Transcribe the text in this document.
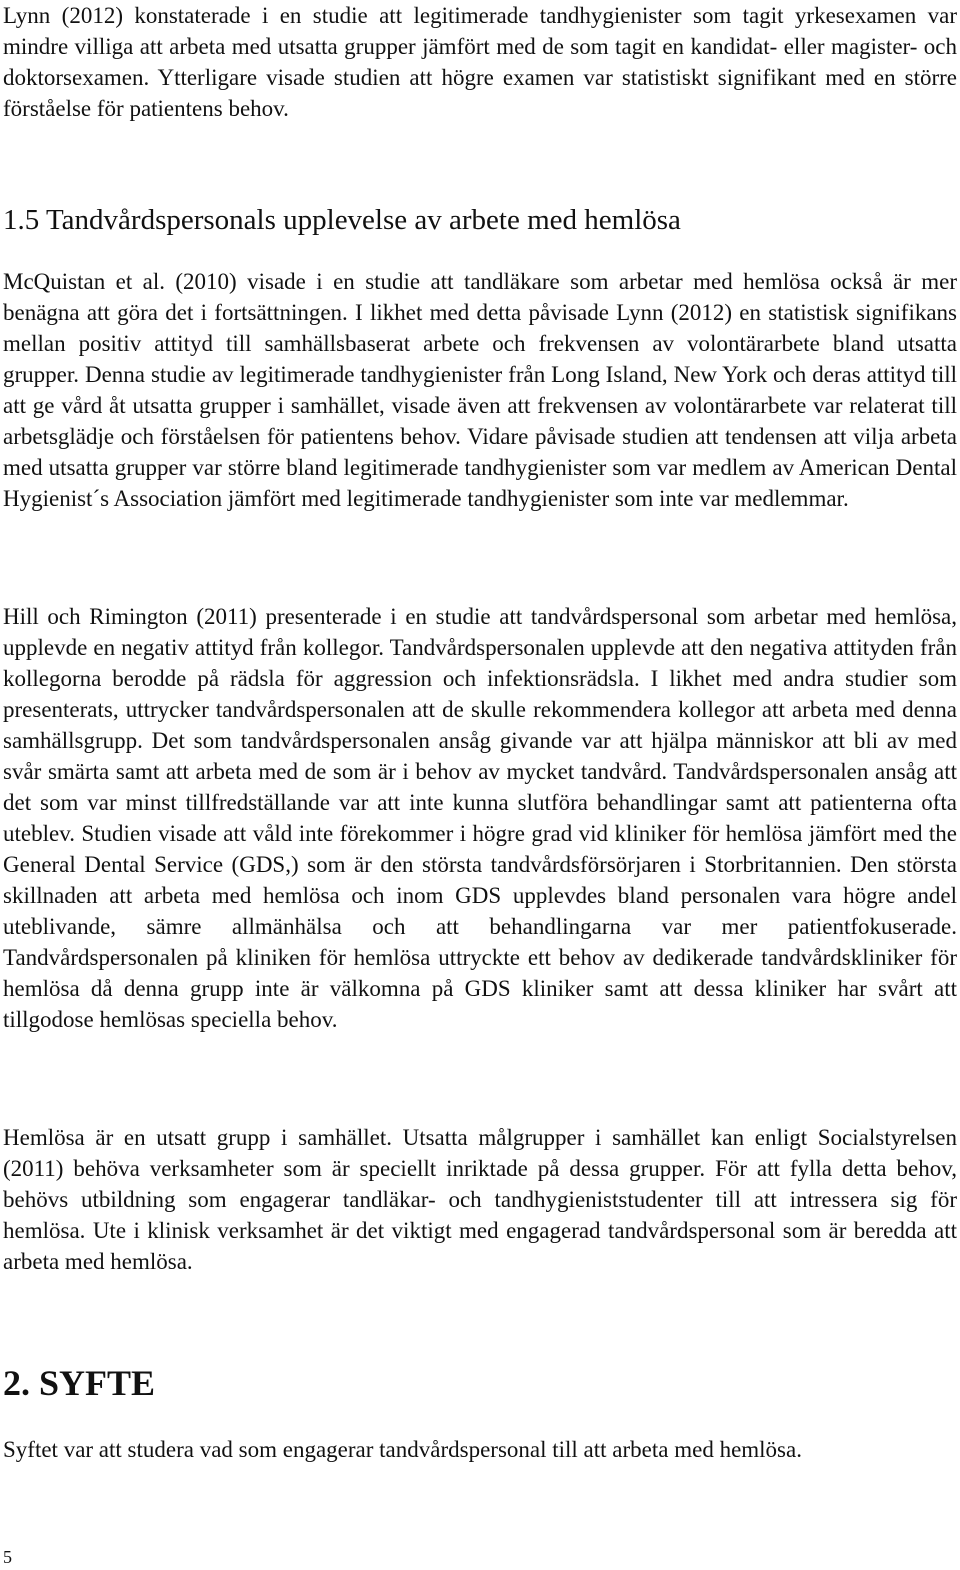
Lynn (2012) konstaterade i en studie att legitimerade tandhygienister som tagit yrkesexamen var mindre villiga att arbeta med utsatta grupper jämfört med de som tagit en kandidat- eller magister- och doktorsexamen. Ytterligare visade studien att högre examen var statistiskt signifikant med en större förståelse för patientens behov.

1.5 Tandvårdspersonals upplevelse av arbete med hemlösa

McQuistan et al. (2010) visade i en studie att tandläkare som arbetar med hemlösa också är mer benägna att göra det i fortsättningen. I likhet med detta påvisade Lynn (2012) en statistisk signifikans mellan positiv attityd till samhällsbaserat arbete och frekvensen av volontärarbete bland utsatta grupper. Denna studie av legitimerade tandhygienister från Long Island, New York och deras attityd till att ge vård åt utsatta grupper i samhället, visade även att frekvensen av volontärarbete var relaterat till arbetsglädje och förståelsen för patientens behov. Vidare påvisade studien att tendensen att vilja arbeta med utsatta grupper var större bland legitimerade tandhygienister som var medlem av American Dental Hygienist´s Association jämfört med legitimerade tandhygienister som inte var medlemmar.

Hill och Rimington (2011) presenterade i en studie att tandvårdspersonal som arbetar med hemlösa, upplevde en negativ attityd från kollegor. Tandvårdspersonalen upplevde att den negativa attityden från kollegorna berodde på rädsla för aggression och infektionsrädsla. I likhet med andra studier som presenterats, uttrycker tandvårdspersonalen att de skulle rekommendera kollegor att arbeta med denna samhällsgrupp. Det som tandvårdspersonalen ansåg givande var att hjälpa människor att bli av med svår smärta samt att arbeta med de som är i behov av mycket tandvård. Tandvårdspersonalen ansåg att det som var minst tillfredställande var att inte kunna slutföra behandlingar samt att patienterna ofta uteblev. Studien visade att våld inte förekommer i högre grad vid kliniker för hemlösa jämfört med the General Dental Service (GDS,) som är den största tandvårdsförsörjaren i Storbritannien. Den största skillnaden att arbeta med hemlösa och inom GDS upplevdes bland personalen vara högre andel uteblivande, sämre allmänhälsa och att behandlingarna var mer patientfokuserade. Tandvårdspersonalen på kliniken för hemlösa uttryckte ett behov av dedikerade tandvårdskliniker för hemlösa då denna grupp inte är välkomna på GDS kliniker samt att dessa kliniker har svårt att tillgodose hemlösas speciella behov.

Hemlösa är en utsatt grupp i samhället. Utsatta målgrupper i samhället kan enligt Socialstyrelsen (2011) behöva verksamheter som är speciellt inriktade på dessa grupper. För att fylla detta behov, behövs utbildning som engagerar tandläkar- och tandhygieniststudenter till att intressera sig för hemlösa. Ute i klinisk verksamhet är det viktigt med engagerad tandvårdspersonal som är beredda att arbeta med hemlösa.

2. SYFTE

Syftet var att studera vad som engagerar tandvårdspersonal till att arbeta med hemlösa.

5
